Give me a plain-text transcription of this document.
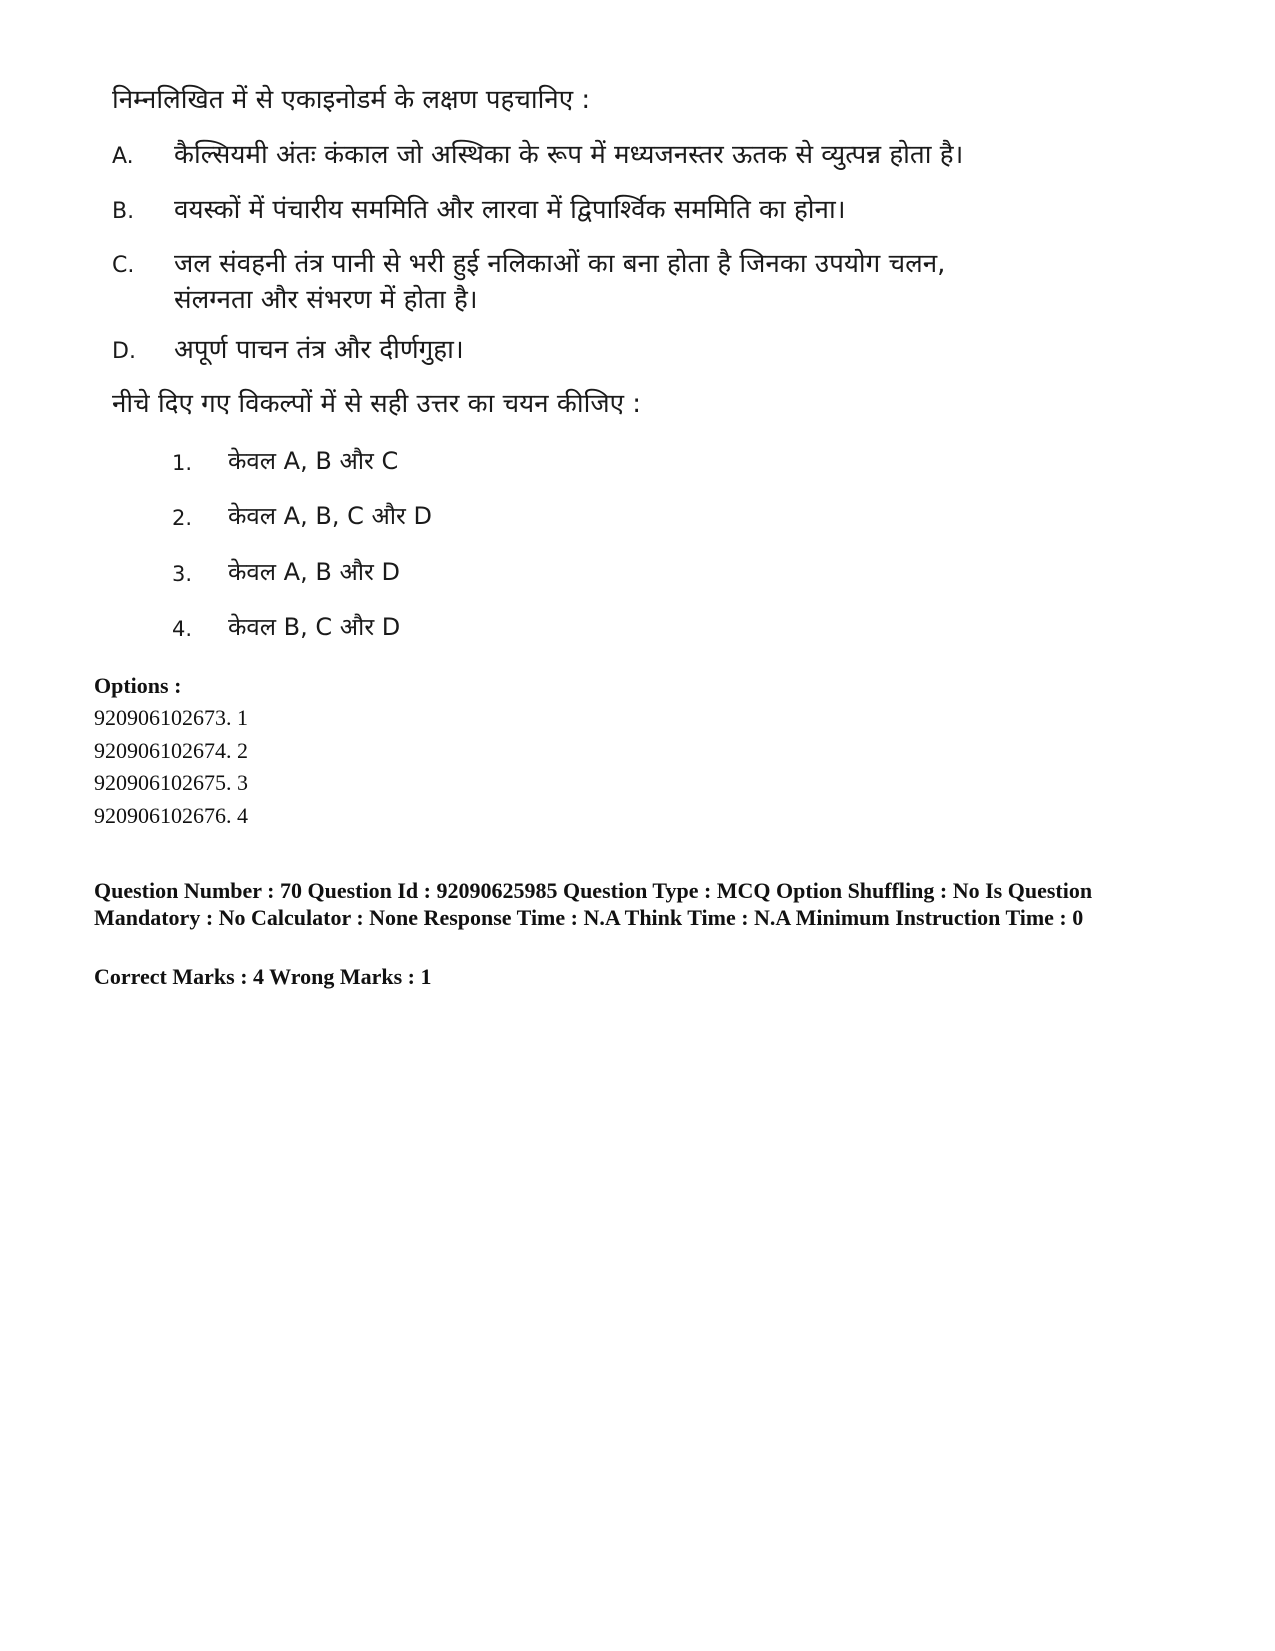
निम्नलिखित में से एकाइनोडर्म के लक्षण पहचानिए :
A.	कैल्सियमी अंतः कंकाल जो अस्थिका के रूप में मध्यजनस्तर ऊतक से व्युत्पन्न होता है।
B.	वयस्कों में पंचारीय सममिति और लारवा में द्विपार्श्विक सममिति का होना।
C.	जल संवहनी तंत्र पानी से भरी हुई नलिकाओं का बना होता है जिनका उपयोग चलन, संलग्नता और संभरण में होता है।
D.	अपूर्ण पाचन तंत्र और दीर्णगुहा।
नीचे दिए गए विकल्पों में से सही उत्तर का चयन कीजिए :
1. केवल A, B और C
2. केवल A, B, C और D
3. केवल A, B और D
4. केवल B, C और D
Options :
920906102673. 1
920906102674. 2
920906102675. 3
920906102676. 4
Question Number : 70 Question Id : 92090625985 Question Type : MCQ Option Shuffling : No Is Question Mandatory : No Calculator : None Response Time : N.A Think Time : N.A Minimum Instruction Time : 0
Correct Marks : 4 Wrong Marks : 1
